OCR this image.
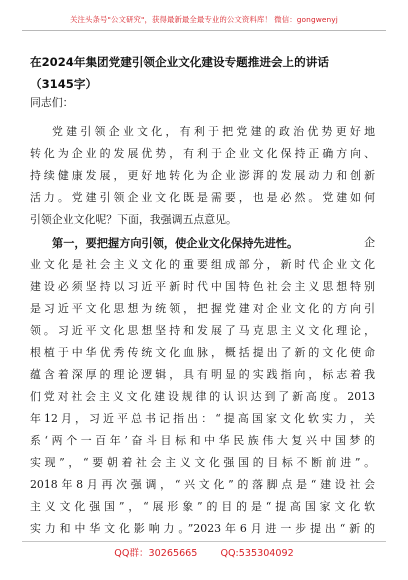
关注头条号"公文研究"，获得最新最全最专业的公文资料库！ 微信：gongwenyj
在2024年集团党建引领企业文化建设专题推进会上的讲话
（3145字）
同志们：
党建引领企业文化，有利于把党建的政治优势更好地
转化为企业的发展优势，有利于企业文化保持正确方向、
持续健康发展，更好地转化为企业澎湃的发展动力和创新
活力。党建引领企业文化既是需要，也是必然。党建如何
引领企业文化呢？下面，我强调五点意见。
第一，要把握方向引领，使企业文化保持先进性。	企
业文化是社会主义文化的重要组成部分，新时代企业文化
建设必须坚持以习近平新时代中国特色社会主义思想特别
是习近平文化思想为统领，把握党建对企业文化的方向引
领。习近平文化思想坚持和发展了马克思主义文化理论，
根植于中华优秀传统文化血脉，概括提出了新的文化使命
蕴含着深厚的理论逻辑，具有明显的实践指向，标志着我
们党对社会主义文化建设规律的认识达到了新高度。2013
年12月，习近平总书记指出：“提高国家文化软实力，关
系‘两个一百年’奋斗目标和中华民族伟大复兴中国梦的
实现”，“要朝着社会主义文化强国的目标不断前进”。
2018年8月再次强调，“兴文化”的落脚点是“建设社会
主义文化强国”，“展形象”的目的是“提高国家文化软
实力和中华文化影响力。”2023年6月进一步提出“新的
QQ群：30265665 QQ:535304092
